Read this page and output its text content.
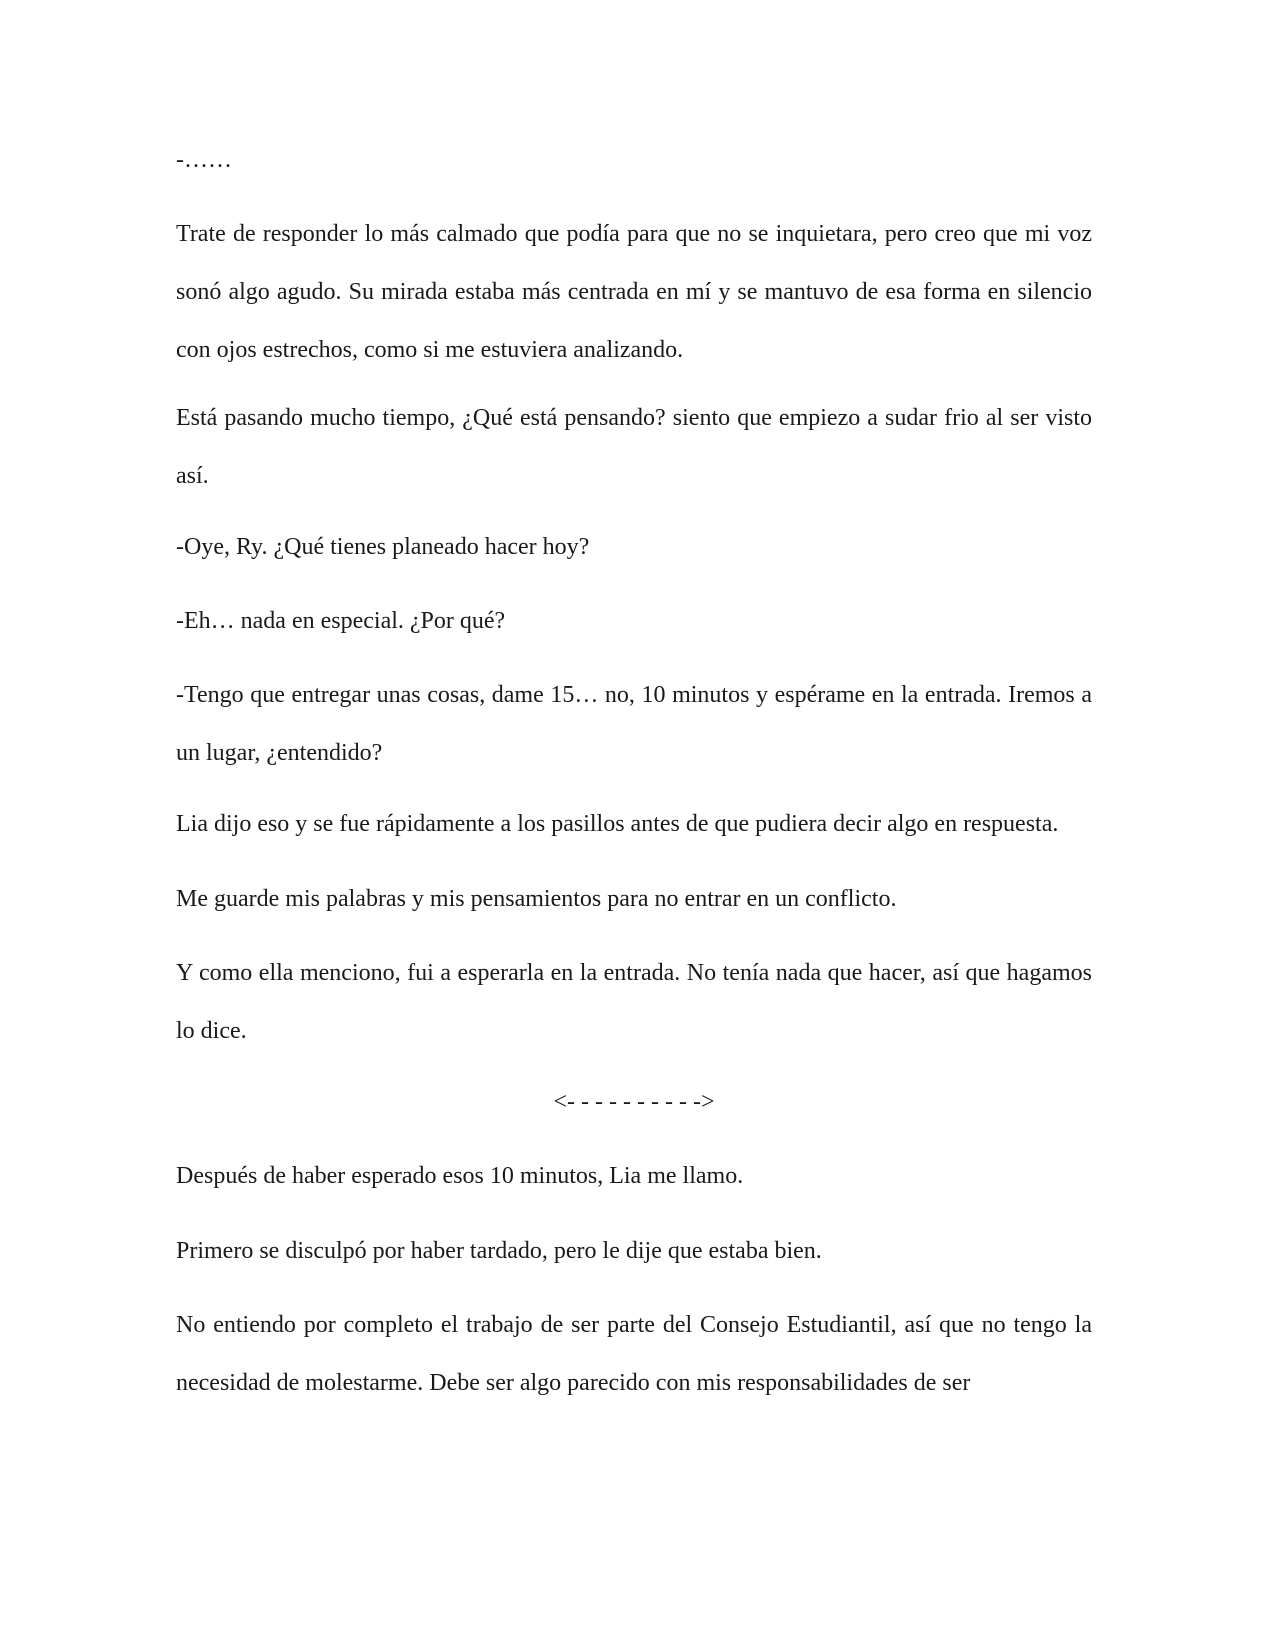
-……

Trate de responder lo más calmado que podía para que no se inquietara, pero creo que mi voz sonó algo agudo. Su mirada estaba más centrada en mí y se mantuvo de esa forma en silencio con ojos estrechos, como si me estuviera analizando.

Está pasando mucho tiempo, ¿Qué está pensando? siento que empiezo a sudar frio al ser visto así.

-Oye, Ry. ¿Qué tienes planeado hacer hoy?

-Eh… nada en especial. ¿Por qué?

-Tengo que entregar unas cosas, dame 15… no, 10 minutos y espérame en la entrada. Iremos a un lugar, ¿entendido?

Lia dijo eso y se fue rápidamente a los pasillos antes de que pudiera decir algo en respuesta.

Me guarde mis palabras y mis pensamientos para no entrar en un conflicto.

Y como ella menciono, fui a esperarla en la entrada. No tenía nada que hacer, así que hagamos lo dice.

<- - - - - - - - - ->

Después de haber esperado esos 10 minutos, Lia me llamo.

Primero se disculpó por haber tardado, pero le dije que estaba bien.

No entiendo por completo el trabajo de ser parte del Consejo Estudiantil, así que no tengo la necesidad de molestarme. Debe ser algo parecido con mis responsabilidades de ser
